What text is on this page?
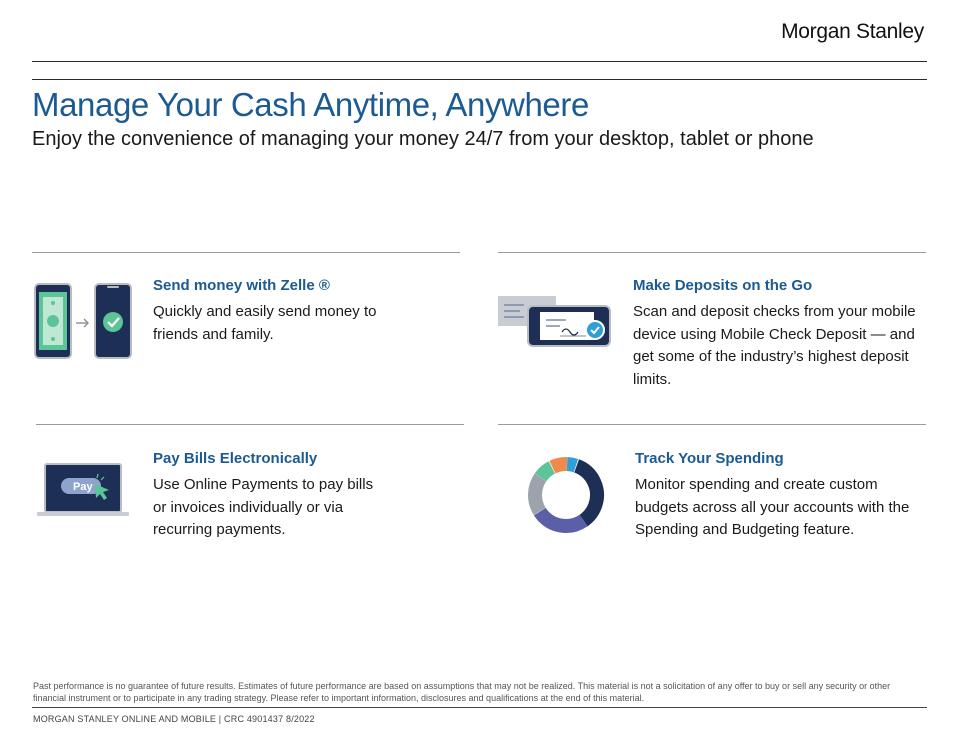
Morgan Stanley
Manage Your Cash Anytime, Anywhere
Enjoy the convenience of managing your money 24/7 from your desktop, tablet or phone
Send money with Zelle ®
Quickly and easily send money to friends and family.
Make Deposits on the Go
Scan and deposit checks from your mobile device using Mobile Check Deposit — and get some of the industry’s highest deposit limits.
Pay
Pay Bills Electronically
Use Online Payments to pay bills or invoices individually or via recurring payments.
Track Your Spending
Monitor spending and create custom budgets across all your accounts with the Spending and Budgeting feature.
Past performance is no guarantee of future results. Estimates of future performance are based on assumptions that may not be realized. This material is not a solicitation of any offer to buy or sell any security or other financial instrument or to participate in any trading strategy. Please refer to important information, disclosures and qualifications at the end of this material.
MORGAN STANLEY ONLINE AND MOBILE | CRC 4901437 8/2022
